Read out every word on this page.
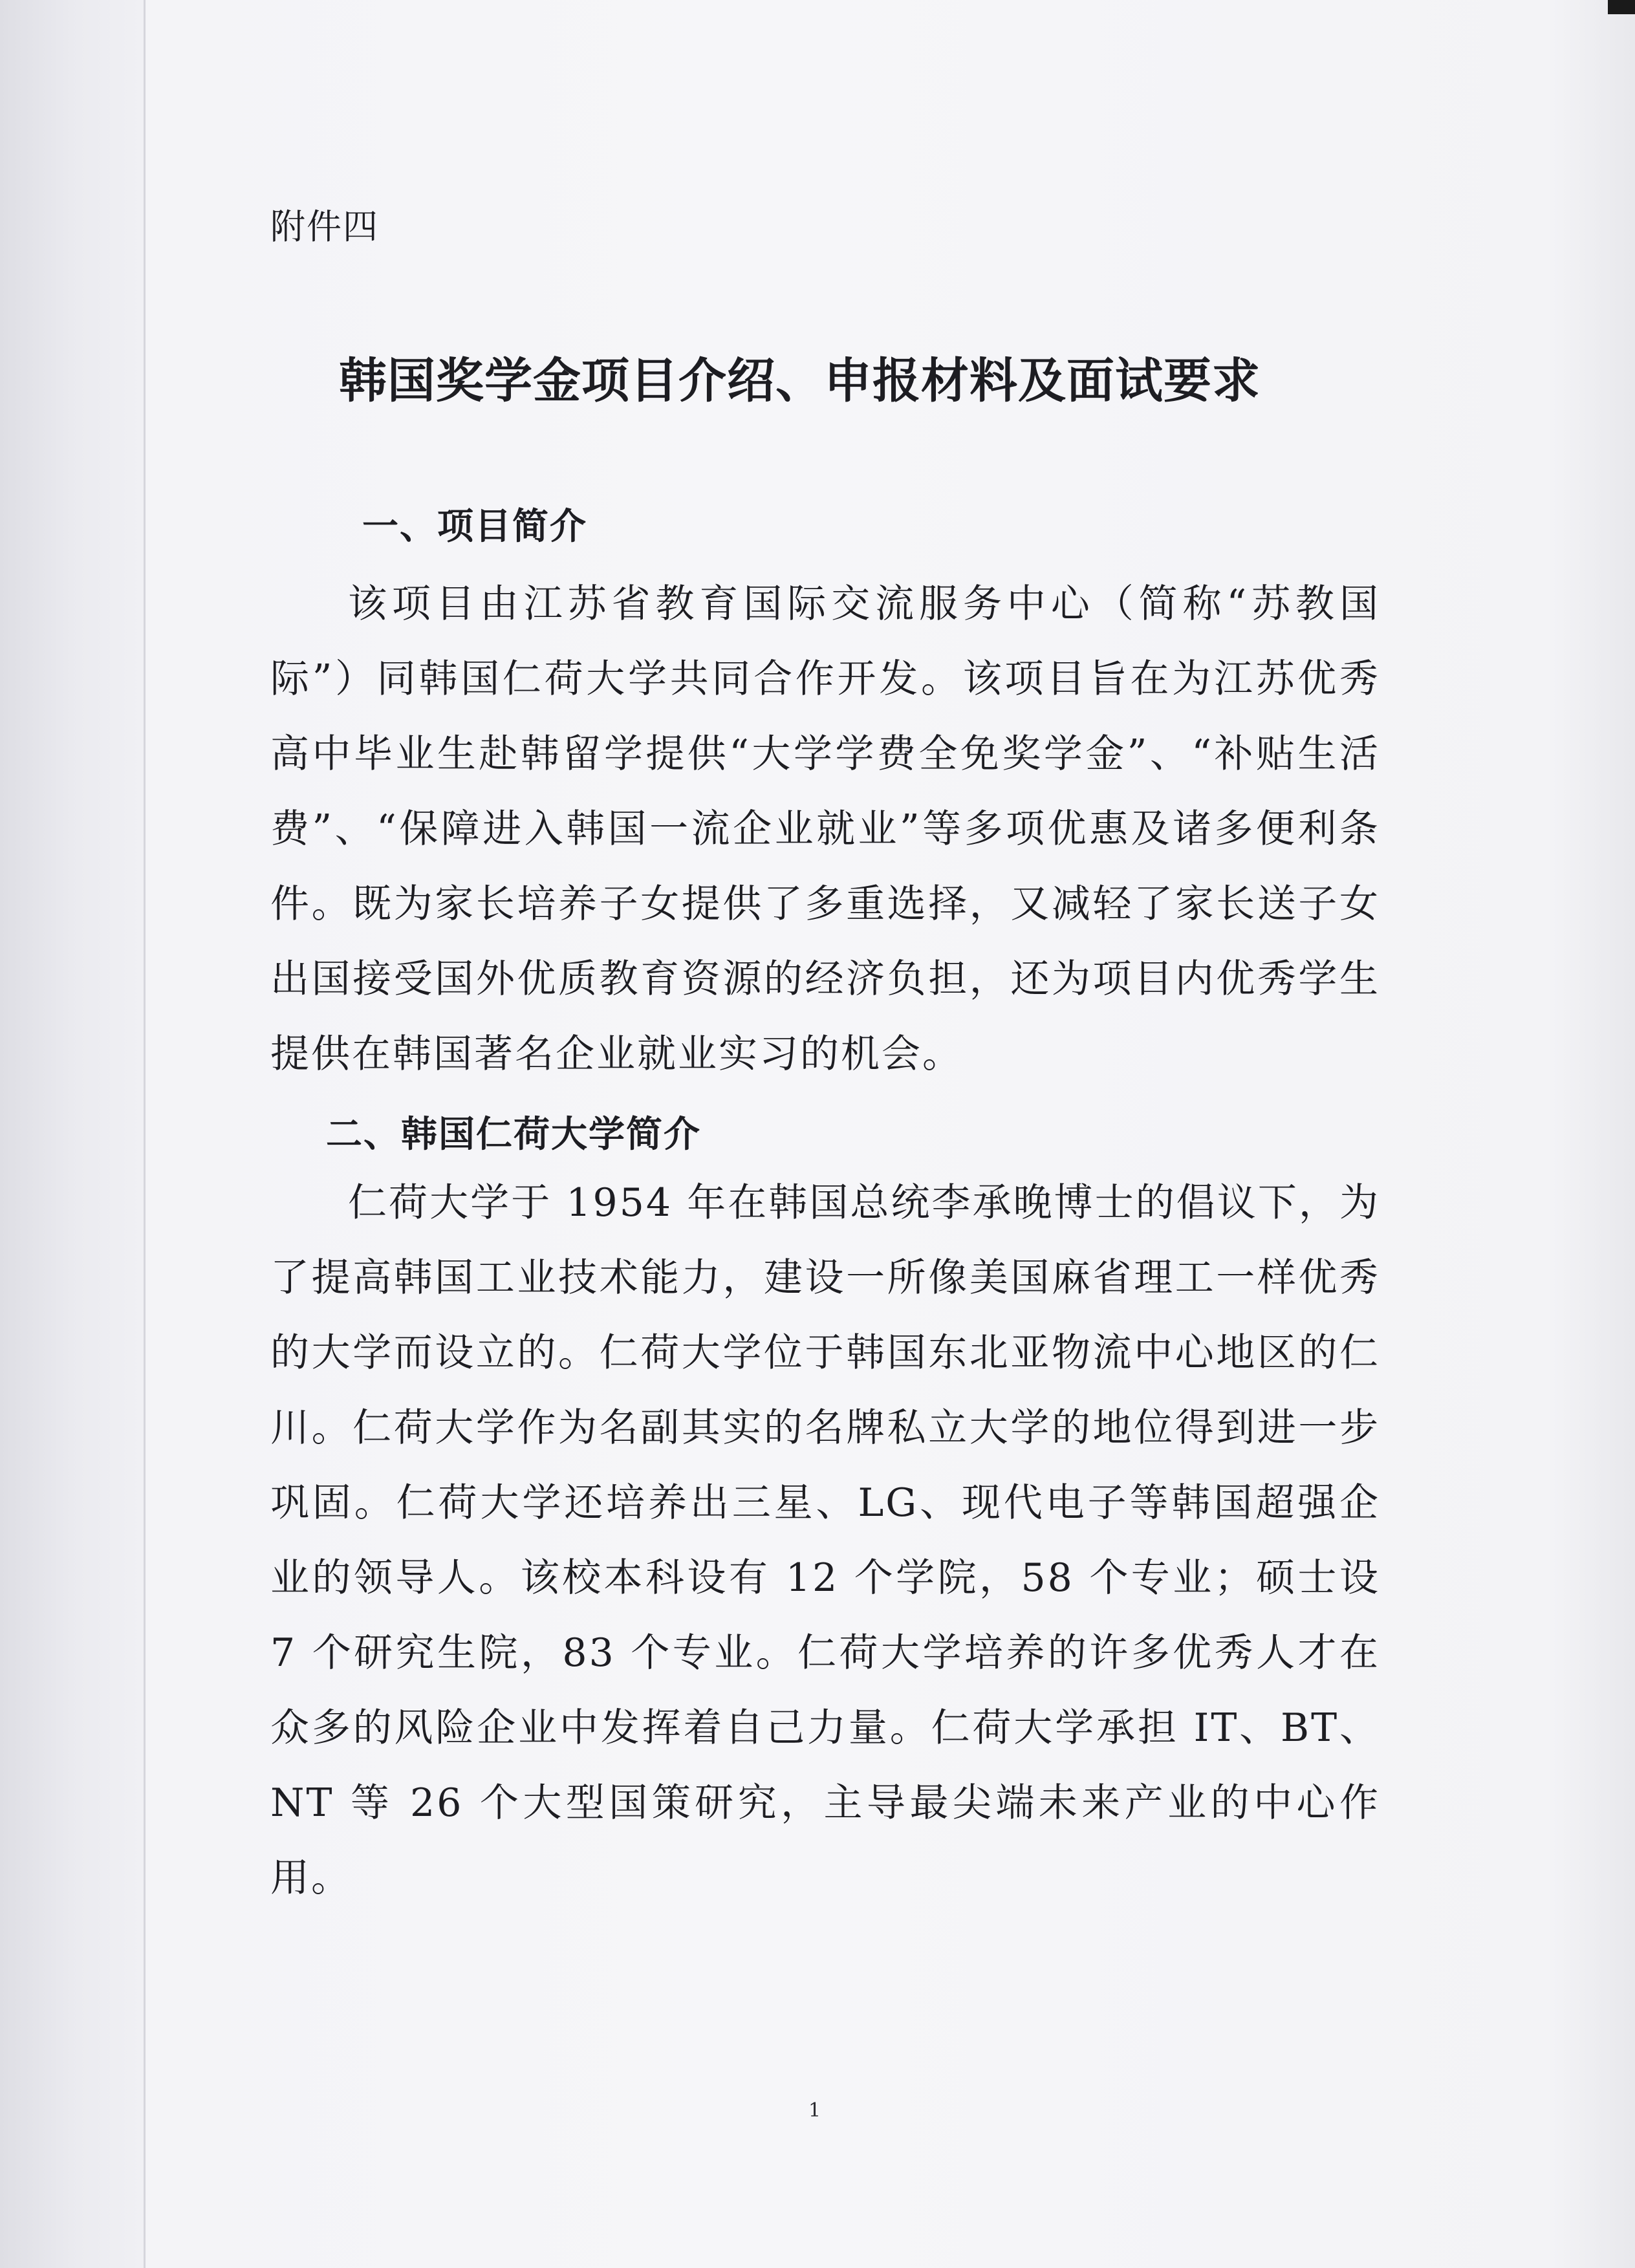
附件四

韩国奖学金项目介绍、申报材料及面试要求
一、项目简介

该项目由江苏省教育国际交流服务中心（简称“苏教国际”）同韩国仁荷大学共同合作开发。该项目旨在为江苏优秀高中毕业生赴韩留学提供“大学学费全免奖学金”、“补贴生活费”、“保障进入韩国一流企业就业”等多项优惠及诸多便利条件。既为家长培养子女提供了多重选择，又减轻了家长送子女出国接受国外优质教育资源的经济负担，还为项目内优秀学生提供在韩国著名企业就业实习的机会。

二、韩国仁荷大学简介

仁荷大学于 1954 年在韩国总统李承晚博士的倡议下，为了提高韩国工业技术能力，建设一所像美国麻省理工一样优秀的大学而设立的。仁荷大学位于韩国东北亚物流中心地区的仁川。仁荷大学作为名副其实的名牌私立大学的地位得到进一步巩固。仁荷大学还培养出三星、LG、现代电子等韩国超强企业的领导人。该校本科设有 12 个学院，58 个专业；硕士设 7 个研究生院，83 个专业。仁荷大学培养的许多优秀人才在众多的风险企业中发挥着自己力量。仁荷大学承担 IT、BT、NT 等 26 个大型国策研究，主导最尖端未来产业的中心作用。

1
